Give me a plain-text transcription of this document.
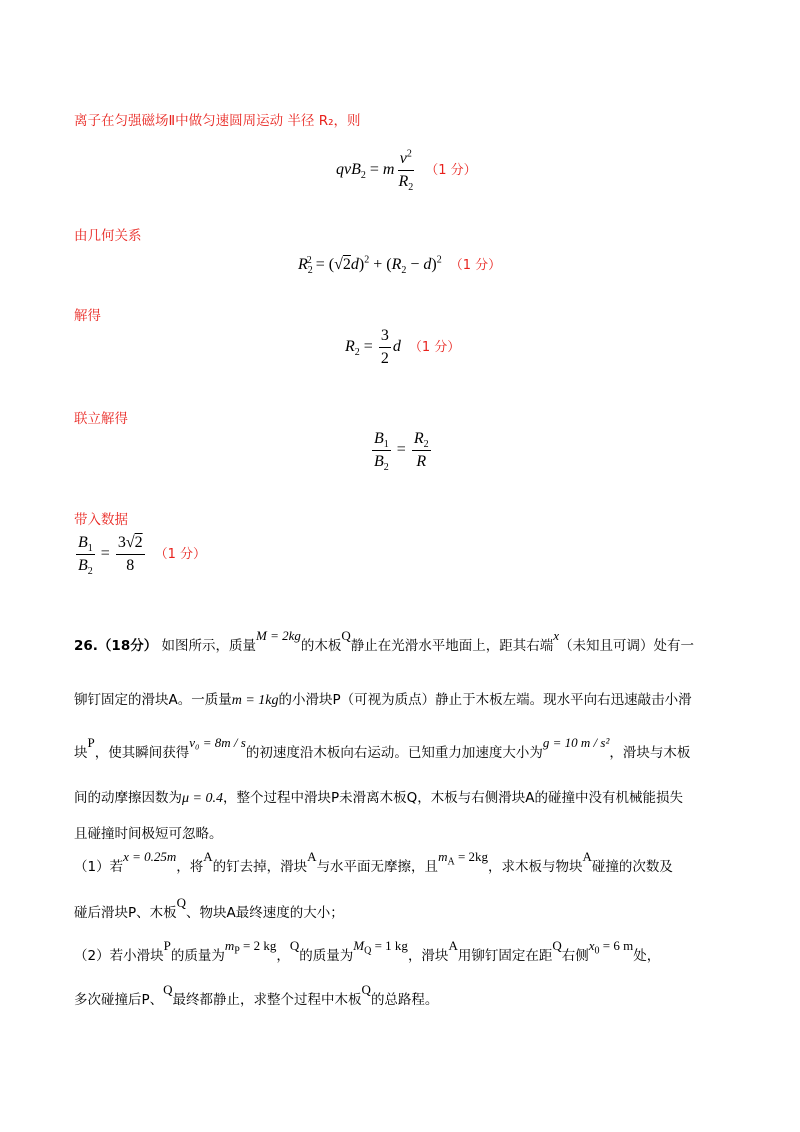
离子在匀强磁场Ⅱ中做匀速圆周运动 半径 R₂，则
qvB$_2$ = m $\frac{v^2}{R_2} (1$ 分）
由几何关系
$R_2^2 = (√2d)^2 + (R_2 - d)^2$ （1 分）
解得
$R_2 = \frac{3}{2}$ d （1 分）
联立解得
$\frac{B_1}{B_2} = \frac{R_2}{R}$
带入数据
$\frac{B_1}{B_2} = \frac{3√2}{8} (1$ 分）
26.（18分） 如图所示，质量M = 2kg的木板Q静止在光滑水平地面上，距其右端x（未知且可调）处有一
铆钉固定的滑块A。一质量m = 1kg的小滑块P（可视为质点）静止于木板左端。现水平向右迅速敲击小滑
块P，使其瞬间获得v₀ = 8m / s的初速度沿木板向右运动。已知重力加速度大小为g = 10 m / s²，滑块与木板
间的动摩擦因数为μ = 0.4，整个过程中滑块P未滑离木板Q，木板与右侧滑块A的碰撞中没有机械能损失
且碰撞时间极短可忽略。
（1）若x = 0.25m，将A的钉去掉，滑块A与水平面无摩擦，且$m_A = 2kg$，求木板与物块A碰撞的次数及
碰后滑块P、木板Q、物块A最终速度的大小；
（2）若小滑块P的质量为$m_P = 2$ kg，Q的质量为$M_Q = 1$ kg，滑块A用铆钉固定在距Q右侧$x_0 = 6$ m处，
多次碰撞后P、Q最终都静止，求整个过程中木板Q的总路程。
